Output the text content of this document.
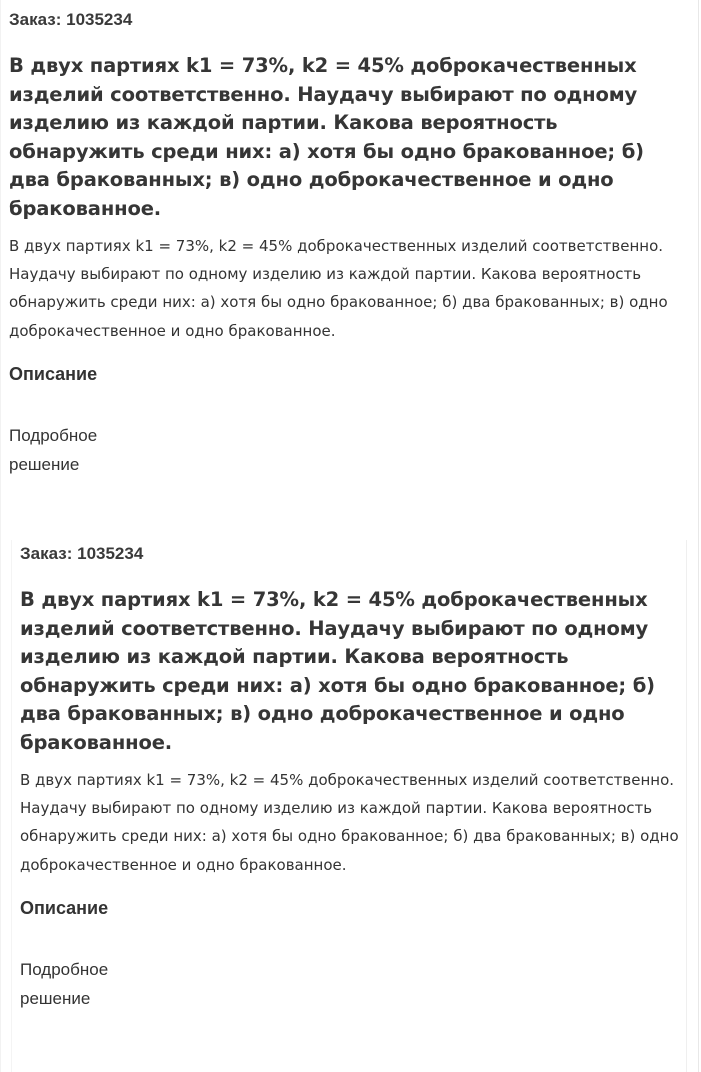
Заказ: 1035234

В двух партиях k1 = 73%, k2 = 45% доброкачественных изделий соответственно. Наудачу выбирают по одному изделию из каждой партии. Какова вероятность обнаружить среди них: а) хотя бы одно бракованное; б) два бракованных; в) одно доброкачественное и одно бракованное.

В двух партиях k1 = 73%, k2 = 45% доброкачественных изделий соответственно. Наудачу выбирают по одному изделию из каждой партии. Какова вероятность обнаружить среди них: а) хотя бы одно бракованное; б) два бракованных; в) одно доброкачественное и одно бракованное.

Описание

Подробное решение

Заказ: 1035234

В двух партиях k1 = 73%, k2 = 45% доброкачественных изделий соответственно. Наудачу выбирают по одному изделию из каждой партии. Какова вероятность обнаружить среди них: а) хотя бы одно бракованное; б) два бракованных; в) одно доброкачественное и одно бракованное.

В двух партиях k1 = 73%, k2 = 45% доброкачественных изделий соответственно. Наудачу выбирают по одному изделию из каждой партии. Какова вероятность обнаружить среди них: а) хотя бы одно бракованное; б) два бракованных; в) одно доброкачественное и одно бракованное.

Описание

Подробное решение
